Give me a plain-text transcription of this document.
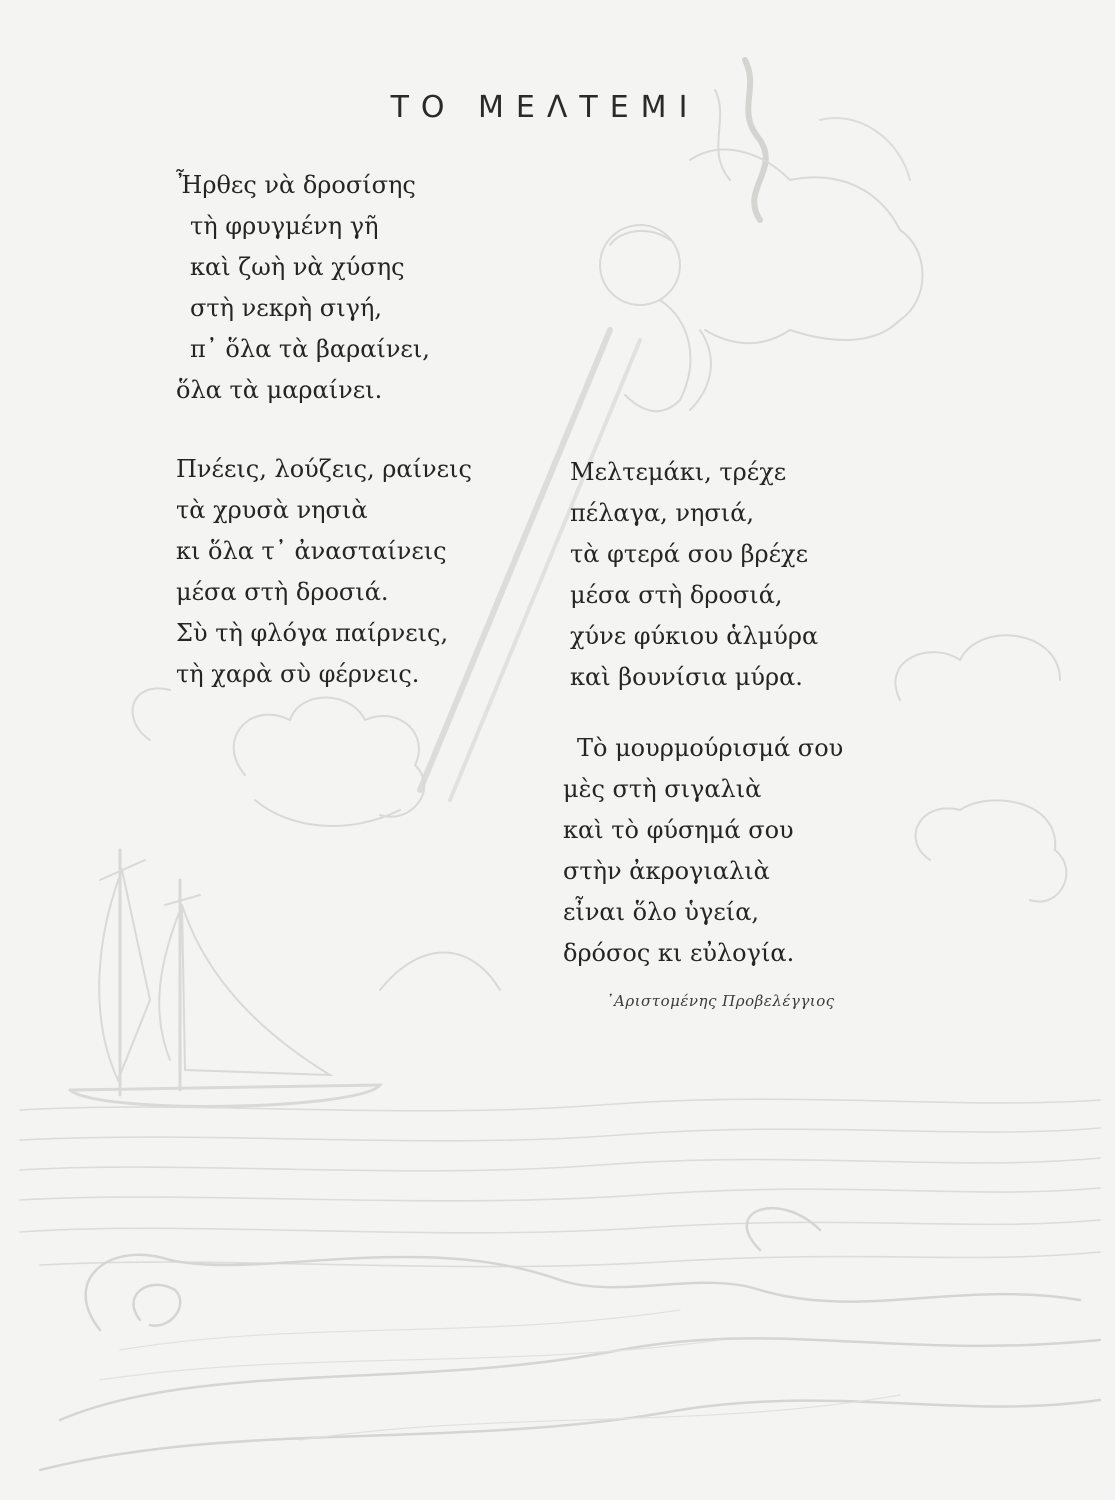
ΤΟ ΜΕΛΤΕΜΙ
Ἦρθες νὰ δροσίσης
τὴ φρυγμένη γῆ
καὶ ζωὴ νὰ χύσης
στὴ νεκρὴ σιγή,
π᾿ ὅλα τὰ βαραίνει,
ὅλα τὰ μαραίνει.
Πνέεις, λούζεις, ραίνεις
τὰ χρυσὰ νησιὰ
κι ὅλα τ᾿ ἀνασταίνεις
μέσα στὴ δροσιά.
Σὺ τὴ φλόγα παίρνεις,
τὴ χαρὰ σὺ φέρνεις.
Μελτεμάκι, τρέχε
πέλαγα, νησιά,
τὰ φτερά σου βρέχε
μέσα στὴ δροσιά,
χύνε φύκιου ἁλμύρα
καὶ βουνίσια μύρα.
Τὸ μουρμούρισμά σου
μὲς στὴ σιγαλιὰ
καὶ τὸ φύσημά σου
στὴν ἀκρογιαλιὰ
εἶναι ὅλο ὑγεία,
δρόσος κι εὐλογία.
᾿Αριστομένης Προβελέγγιος
